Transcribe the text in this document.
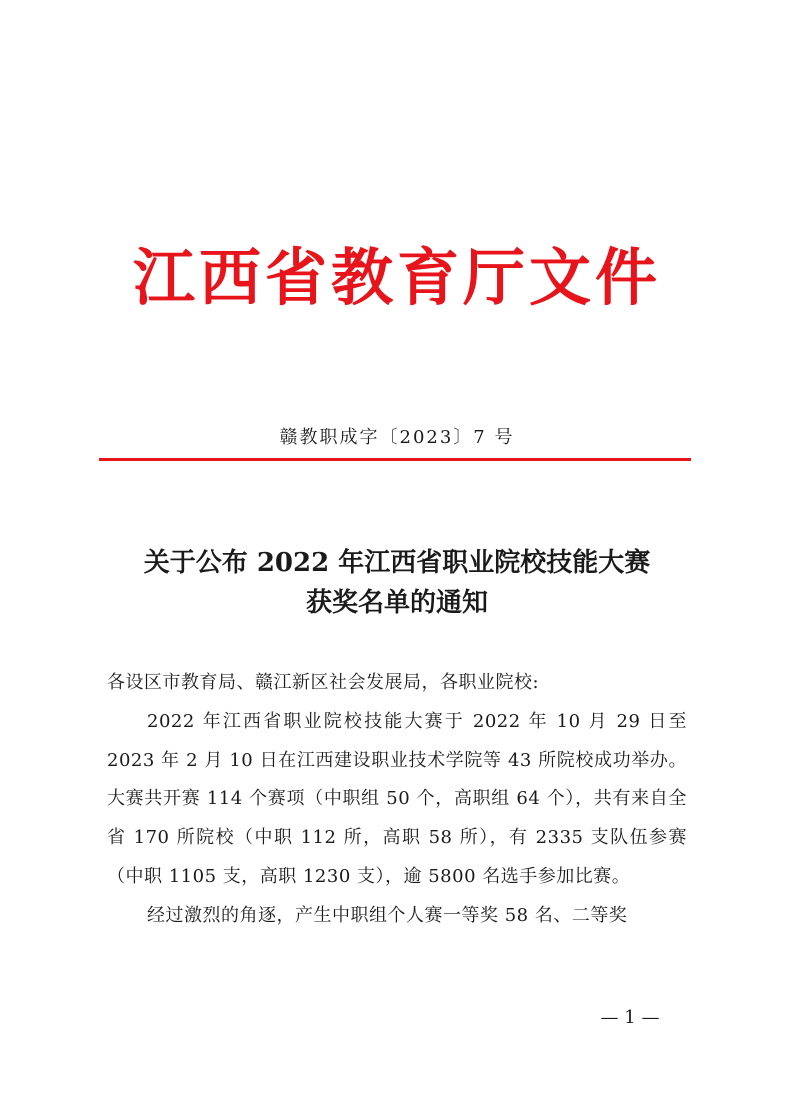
江西省教育厅文件
赣教职成字〔2023〕7 号
关于公布 2022 年江西省职业院校技能大赛
获奖名单的通知

各设区市教育局、赣江新区社会发展局，各职业院校:

2022 年江西省职业院校技能大赛于 2022 年 10 月 29 日至 2023 年 2 月 10 日在江西建设职业技术学院等 43 所院校成功举办。大赛共开赛 114 个赛项（中职组 50 个，高职组 64 个），共有来自全省 170 所院校（中职 112 所，高职 58 所），有 2335 支队伍参赛（中职 1105 支，高职 1230 支），逾 5800 名选手参加比赛。

经过激烈的角逐，产生中职组个人赛一等奖 58 名、二等奖

— 1 —
